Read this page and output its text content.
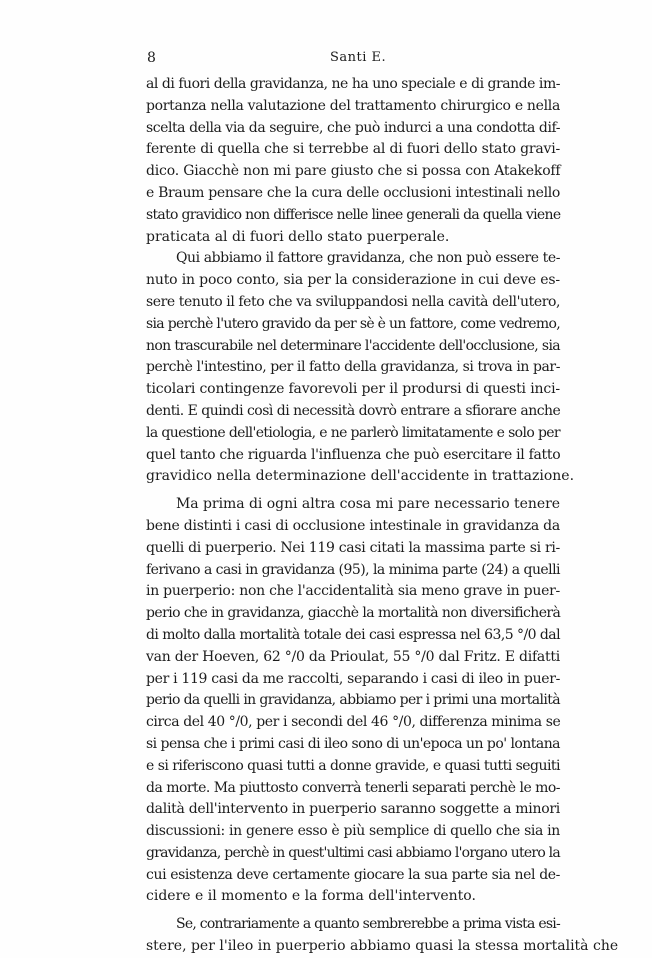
8	Santi E.
al di fuori della gravidanza, ne ha uno speciale e di grande im-
portanza nella valutazione del trattamento chirurgico e nella
scelta della via da seguire, che può indurci a una condotta dif-
ferente di quella che si terrebbe al di fuori dello stato gravi-
dico. Giacchè non mi pare giusto che si possa con Atakekoff
e Braum pensare che la cura delle occlusioni intestinali nello
stato gravidico non differisce nelle linee generali da quella viene
praticata al di fuori dello stato puerperale.
Qui abbiamo il fattore gravidanza, che non può essere te-
nuto in poco conto, sia per la considerazione in cui deve es-
sere tenuto il feto che va sviluppandosi nella cavità dell'utero,
sia perchè l'utero gravido da per sè è un fattore, come vedremo,
non trascurabile nel determinare l'accidente dell'occlusione, sia
perchè l'intestino, per il fatto della gravidanza, si trova in par-
ticolari contingenze favorevoli per il prodursi di questi inci-
denti. E quindi così di necessità dovrò entrare a sfiorare anche
la questione dell'etiologia, e ne parlerò limitatamente e solo per
quel tanto che riguarda l'influenza che può esercitare il fatto
gravidico nella determinazione dell'accidente in trattazione.
Ma prima di ogni altra cosa mi pare necessario tenere
bene distinti i casi di occlusione intestinale in gravidanza da
quelli di puerperio. Nei 119 casi citati la massima parte si ri-
ferivano a casi in gravidanza (95), la minima parte (24) a quelli
in puerperio: non che l'accidentalità sia meno grave in puer-
perio che in gravidanza, giacchè la mortalità non diversificherà
di molto dalla mortalità totale dei casi espressa nel 63,5 °/0 dal
van der Hoeven, 62 °/0 da Prioulat, 55 °/0 dal Fritz. E difatti
per i 119 casi da me raccolti, separando i casi di ileo in puer-
perio da quelli in gravidanza, abbiamo per i primi una mortalità
circa del 40 °/0, per i secondi del 46 °/0, differenza minima se
si pensa che i primi casi di ileo sono di un'epoca un po' lontana
e si riferiscono quasi tutti a donne gravide, e quasi tutti seguiti
da morte. Ma piuttosto converrà tenerli separati perchè le mo-
dalità dell'intervento in puerperio saranno soggette a minori
discussioni: in genere esso è più semplice di quello che sia in
gravidanza, perchè in quest'ultimi casi abbiamo l'organo utero la
cui esistenza deve certamente giocare la sua parte sia nel de-
cidere e il momento e la forma dell'intervento.
Se, contrariamente a quanto sembrerebbe a prima vista esi-
stere, per l'ileo in puerperio abbiamo quasi la stessa mortalità che
